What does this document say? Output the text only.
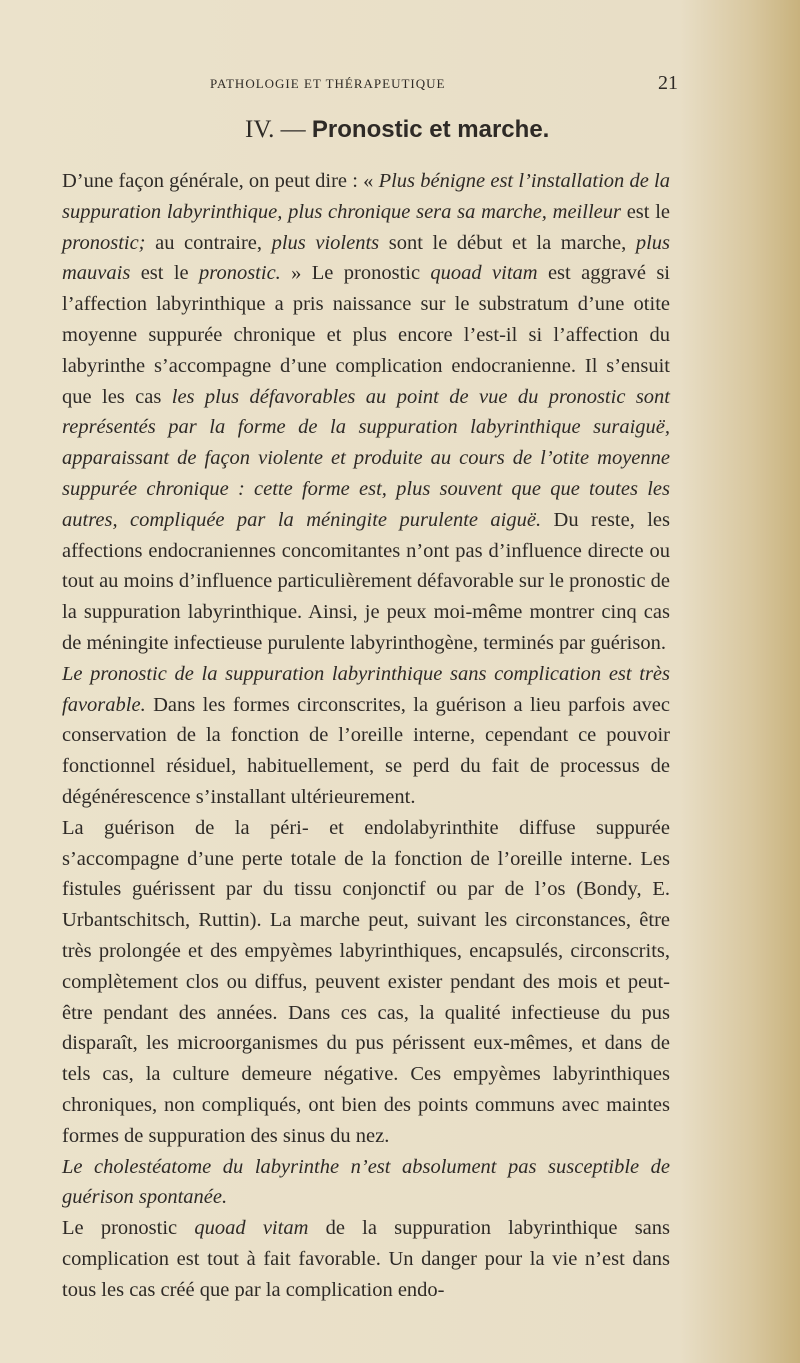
PATHOLOGIE ET THÉRAPEUTIQUE	21
IV. — Pronostic et marche.

D’une façon générale, on peut dire : « Plus bénigne est l’installation de la suppuration labyrinthique, plus chronique sera sa marche, meilleur est le pronostic; au contraire, plus violents sont le début et la marche, plus mauvais est le pronostic. » Le pronostic quoad vitam est aggravé si l’affection labyrinthique a pris naissance sur le substratum d’une otite moyenne suppurée chronique et plus encore l’est-il si l’affection du labyrinthe s’accompagne d’une complication endocranienne. Il s’ensuit que les cas les plus défavorables au point de vue du pronostic sont représentés par la forme de la suppuration labyrinthique suraiguë, apparaissant de façon violente et produite au cours de l’otite moyenne suppurée chronique : cette forme est, plus souvent que que toutes les autres, compliquée par la méningite purulente aiguë. Du reste, les affections endocraniennes concomitantes n’ont pas d’influence directe ou tout au moins d’influence particulièrement défavorable sur le pronostic de la suppuration labyrinthique. Ainsi, je peux moi-même montrer cinq cas de méningite infectieuse purulente labyrinthogène, terminés par guérison.

Le pronostic de la suppuration labyrinthique sans complication est très favorable. Dans les formes circonscrites, la guérison a lieu parfois avec conservation de la fonction de l’oreille interne, cependant ce pouvoir fonctionnel résiduel, habituellement, se perd du fait de processus de dégénérescence s’installant ultérieurement.

La guérison de la péri- et endolabyrinthite diffuse suppurée s’accompagne d’une perte totale de la fonction de l’oreille interne. Les fistules guérissent par du tissu conjonctif ou par de l’os (Bondy, E. Urbantschitsch, Ruttin). La marche peut, suivant les circonstances, être très prolongée et des empyèmes labyrinthiques, encapsulés, circonscrits, complètement clos ou diffus, peuvent exister pendant des mois et peut-être pendant des années. Dans ces cas, la qualité infectieuse du pus disparaît, les microorganismes du pus périssent eux-mêmes, et dans de tels cas, la culture demeure négative. Ces empyèmes labyrinthiques chroniques, non compliqués, ont bien des points communs avec maintes formes de suppuration des sinus du nez.

Le cholestéatome du labyrinthe n’est absolument pas susceptible de guérison spontanée.

Le pronostic quoad vitam de la suppuration labyrinthique sans complication est tout à fait favorable. Un danger pour la vie n’est dans tous les cas créé que par la complication endo-
